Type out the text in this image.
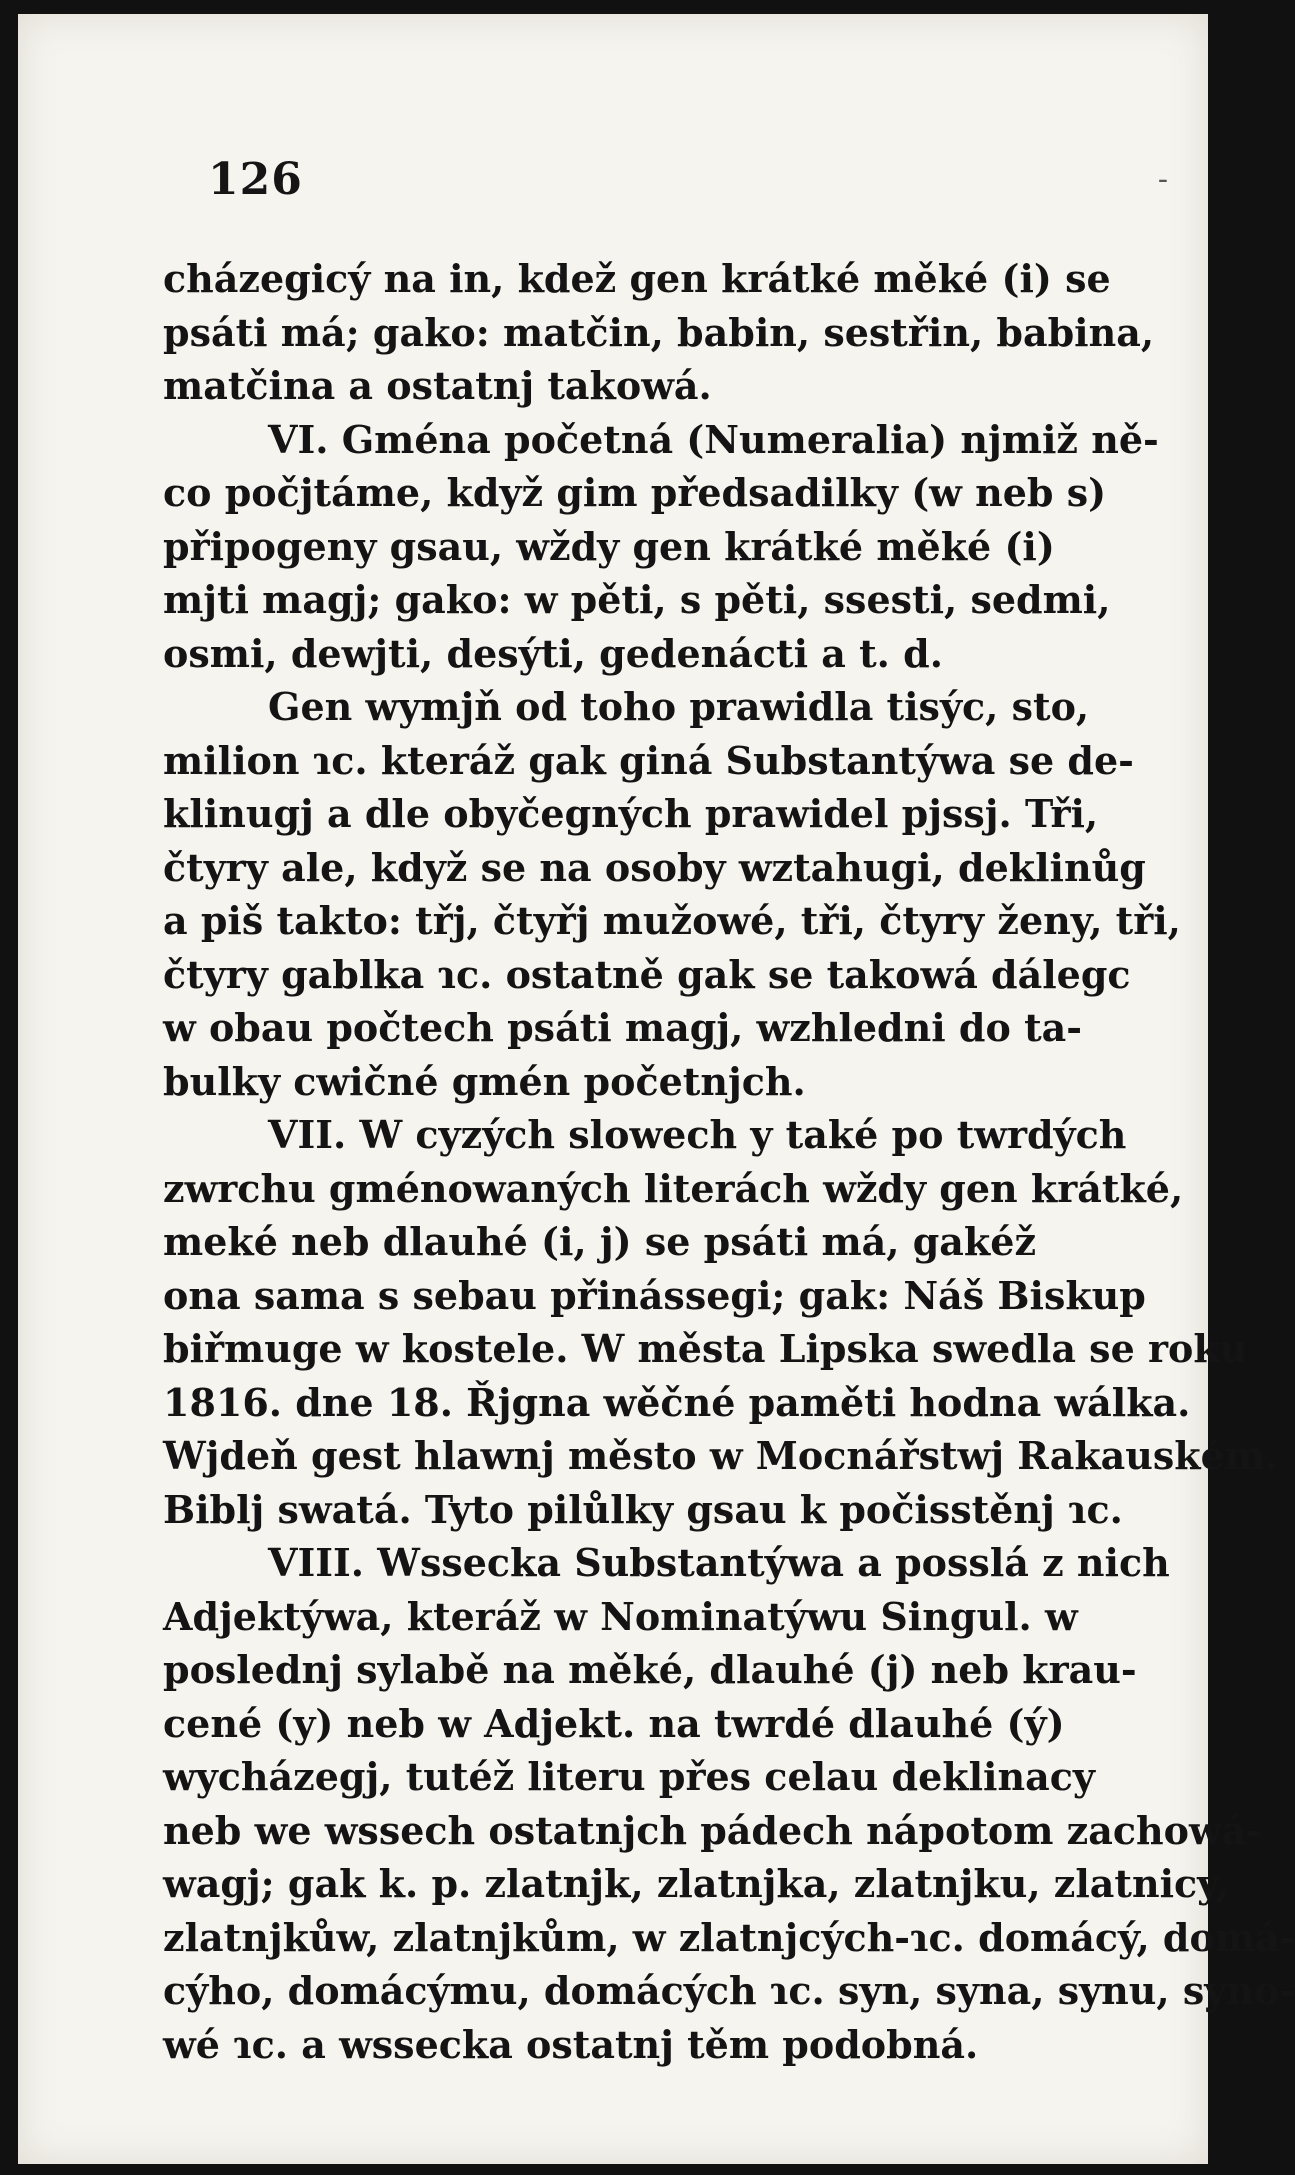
126	-
cházegicý na in, kdež gen krátké měké (i) se
psáti má; gako: matčin, babin, sestřin, babina,
matčina a ostatnj takowá.
VI. Gména početná (Numeralia) njmiž ně-
co počjtáme, když gim předsadilky (w neb s)
připogeny gsau, wždy gen krátké měké (i)
mjti magj; gako: w pěti, s pěti, ssesti, sedmi,
osmi, dewjti, desýti, gedenácti a t. d.
Gen wymjň od toho prawidla tisýc, sto,
milion ɿc. kteráž gak giná Substantýwa se de-
klinugj a dle obyčegných prawidel pjssj. Tři,
čtyry ale, když se na osoby wztahugi, deklinůg
a piš takto: třj, čtyřj mužowé, tři, čtyry ženy, tři,
čtyry gablka ɿc. ostatně gak se takowá dálegc
w obau počtech psáti magj, wzhledni do ta-
bulky cwičné gmén početnjch.
VII. W cyzých slowech y také po twrdých
zwrchu gménowaných literách wždy gen krátké,
meké neb dlauhé (i, j) se psáti má, gakéž
ona sama s sebau přinássegi; gak: Náš Biskup
biřmuge w kostele. W města Lipska swedla se roku
1816. dne 18. Řjgna wěčné paměti hodna wálka.
Wjdeň gest hlawnj město w Mocnářstwj Rakauském.
Biblj swatá. Tyto pilůlky gsau k počisstěnj ɿc.
VIII. Wssecka Substantýwa a posslá z nich
Adjektýwa, kteráž w Nominatýwu Singul. w
poslednj sylabě na měké, dlauhé (j) neb krau-
cené (y) neb w Adjekt. na twrdé dlauhé (ý)
wycházegj, tutéž literu přes celau deklinacy
neb we wssech ostatnjch pádech nápotom zachowá-
wagj; gak k. p. zlatnjk, zlatnjka, zlatnjku, zlatnicy,
zlatnjkůw, zlatnjkům, w zlatnjcých-ɿc. domácý, domá-
cýho, domácýmu, domácých ɿc. syn, syna, synu, syno-
wé ɿc. a wssecka ostatnj těm podobná.
